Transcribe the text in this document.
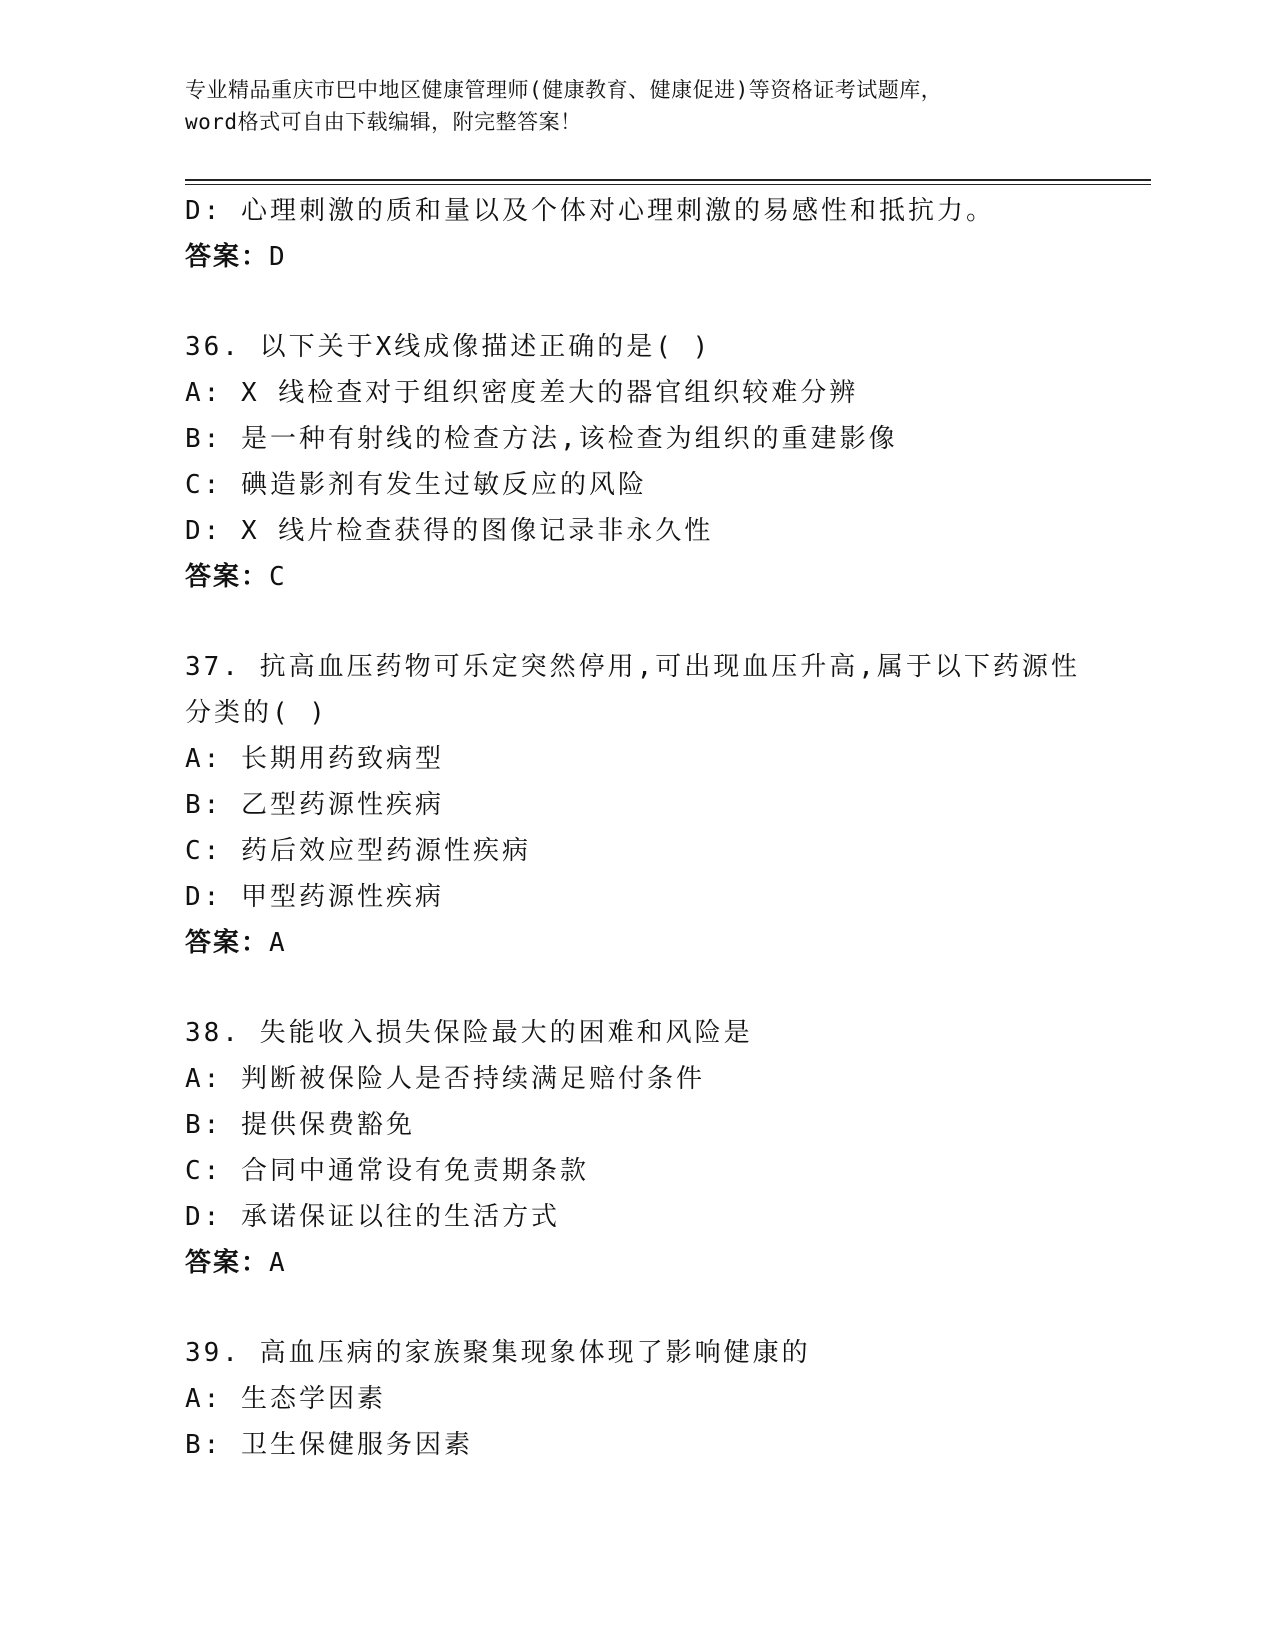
专业精品重庆市巴中地区健康管理师(健康教育、健康促进)等资格证考试题库，
word格式可自由下载编辑，附完整答案！
D: 心理刺激的质和量以及个体对心理刺激的易感性和抵抗力。
答案：D
36. 以下关于X线成像描述正确的是( )
A: X 线检查对于组织密度差大的器官组织较难分辨
B: 是一种有射线的检查方法,该检查为组织的重建影像
C: 碘造影剂有发生过敏反应的风险
D: X 线片检查获得的图像记录非永久性
答案：C
37. 抗高血压药物可乐定突然停用,可出现血压升高,属于以下药源性
分类的( )
A: 长期用药致病型
B: 乙型药源性疾病
C: 药后效应型药源性疾病
D: 甲型药源性疾病
答案：A
38. 失能收入损失保险最大的困难和风险是
A: 判断被保险人是否持续满足赔付条件
B: 提供保费豁免
C: 合同中通常设有免责期条款
D: 承诺保证以往的生活方式
答案：A
39. 高血压病的家族聚集现象体现了影响健康的
A: 生态学因素
B: 卫生保健服务因素
